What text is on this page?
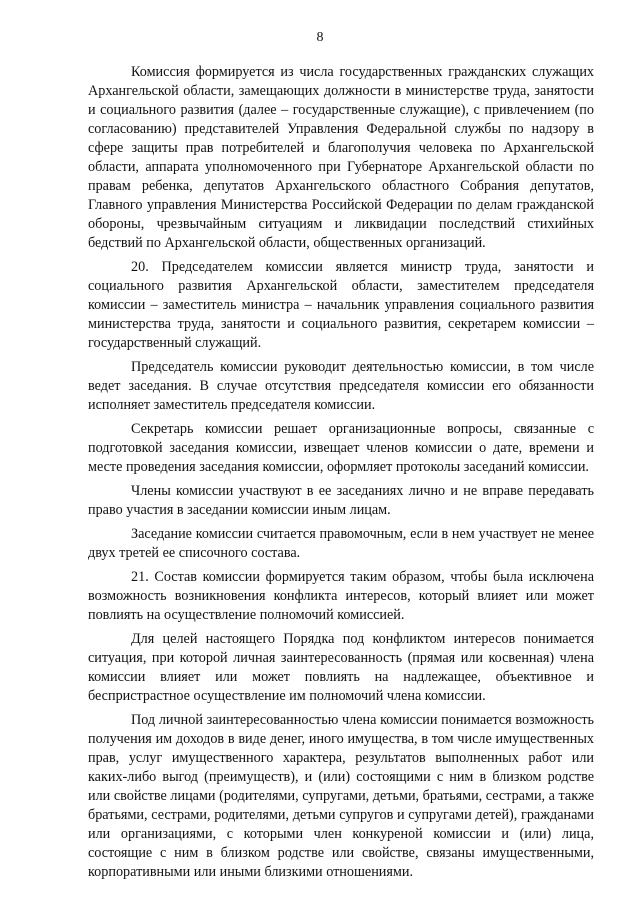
8

Комиссия формируется из числа государственных гражданских служащих Архангельской области, замещающих должности в министерстве труда, занятости и социального развития (далее – государственные служащие), с привлечением (по согласованию) представителей Управления Федеральной службы по надзору в сфере защиты прав потребителей и благополучия человека по Архангельской области, аппарата уполномоченного при Губернаторе Архангельской области по правам ребенка, депутатов Архангельского областного Собрания депутатов, Главного управления Министерства Российской Федерации по делам гражданской обороны, чрезвычайным ситуациям и ликвидации последствий стихийных бедствий по Архангельской области, общественных организаций.

20. Председателем комиссии является министр труда, занятости и социального развития Архангельской области, заместителем председателя комиссии – заместитель министра – начальник управления социального развития министерства труда, занятости и социального развития, секретарем комиссии – государственный служащий.

Председатель комиссии руководит деятельностью комиссии, в том числе ведет заседания. В случае отсутствия председателя комиссии его обязанности исполняет заместитель председателя комиссии.

Секретарь комиссии решает организационные вопросы, связанные с подготовкой заседания комиссии, извещает членов комиссии о дате, времени и месте проведения заседания комиссии, оформляет протоколы заседаний комиссии.

Члены комиссии участвуют в ее заседаниях лично и не вправе передавать право участия в заседании комиссии иным лицам.

Заседание комиссии считается правомочным, если в нем участвует не менее двух третей ее списочного состава.

21. Состав комиссии формируется таким образом, чтобы была исключена возможность возникновения конфликта интересов, который влияет или может повлиять на осуществление полномочий комиссией.

Для целей настоящего Порядка под конфликтом интересов понимается ситуация, при которой личная заинтересованность (прямая или косвенная) члена комиссии влияет или может повлиять на надлежащее, объективное и беспристрастное осуществление им полномочий члена комиссии.

Под личной заинтересованностью члена комиссии понимается возможность получения им доходов в виде денег, иного имущества, в том числе имущественных прав, услуг имущественного характера, результатов выполненных работ или каких-либо выгод (преимуществ), и (или) состоящими с ним в близком родстве или свойстве лицами (родителями, супругами, детьми, братьями, сестрами, а также братьями, сестрами, родителями, детьми супругов и супругами детей), гражданами или организациями, с которыми член конкуреной комиссии и (или) лица, состоящие с ним в близком родстве или свойстве, связаны имущественными, корпоративными или иными близкими отношениями.
